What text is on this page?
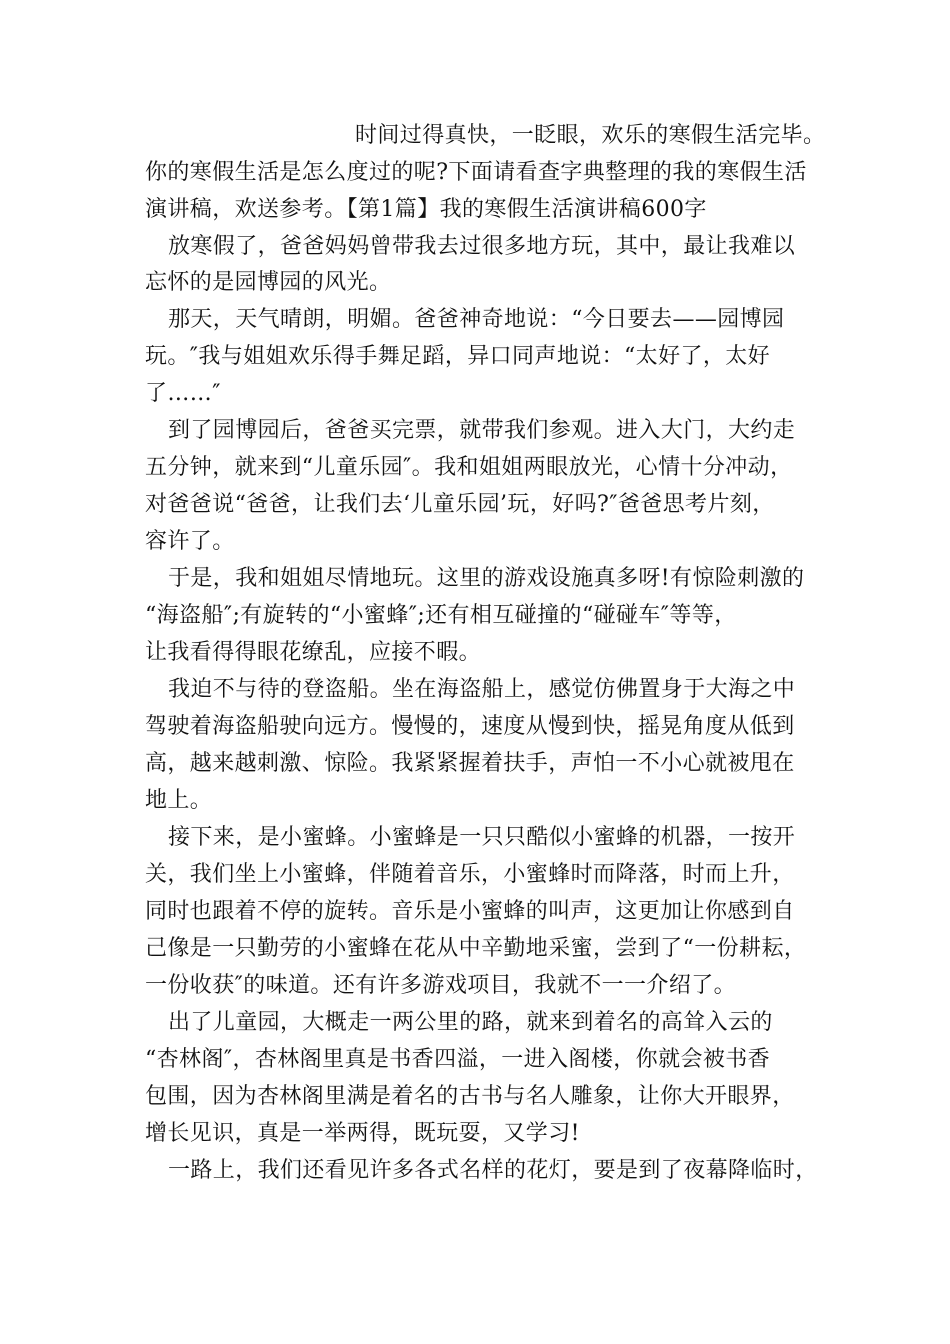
时间过得真快，一眨眼，欢乐的寒假生活完毕。
你的寒假生活是怎么度过的呢?下面请看查字典整理的我的寒假生活
演讲稿，欢送参考。【第1篇】我的寒假生活演讲稿600字
放寒假了，爸爸妈妈曾带我去过很多地方玩，其中，最让我难以
忘怀的是园博园的风光。
那天，天气晴朗，明媚。爸爸神奇地说：“今日要去——园博园
玩。″我与姐姐欢乐得手舞足蹈，异口同声地说：“太好了，太好
了……″
到了园博园后，爸爸买完票，就带我们参观。进入大门，大约走
五分钟，就来到“儿童乐园″。我和姐姐两眼放光，心情十分冲动，
对爸爸说“爸爸，让我们去‘儿童乐园’玩，好吗?″爸爸思考片刻，
容许了。
于是，我和姐姐尽情地玩。这里的游戏设施真多呀!有惊险刺激的
“海盗船″;有旋转的“小蜜蜂″;还有相互碰撞的“碰碰车″等等，
让我看得得眼花缭乱，应接不暇。
我迫不与待的登盗船。坐在海盗船上，感觉仿佛置身于大海之中
驾驶着海盗船驶向远方。慢慢的，速度从慢到快，摇晃角度从低到
高，越来越刺激、惊险。我紧紧握着扶手，声怕一不小心就被甩在
地上。
接下来，是小蜜蜂。小蜜蜂是一只只酷似小蜜蜂的机器，一按开
关，我们坐上小蜜蜂，伴随着音乐，小蜜蜂时而降落，时而上升，
同时也跟着不停的旋转。音乐是小蜜蜂的叫声，这更加让你感到自
己像是一只勤劳的小蜜蜂在花从中辛勤地采蜜，尝到了“一份耕耘，
一份收获″的味道。还有许多游戏项目，我就不一一介绍了。
出了儿童园，大概走一两公里的路，就来到着名的高耸入云的
“杏林阁″，杏林阁里真是书香四溢，一进入阁楼，你就会被书香
包围，因为杏林阁里满是着名的古书与名人雕象，让你大开眼界，
增长见识，真是一举两得，既玩耍，又学习!
一路上，我们还看见许多各式名样的花灯，要是到了夜幕降临时，
